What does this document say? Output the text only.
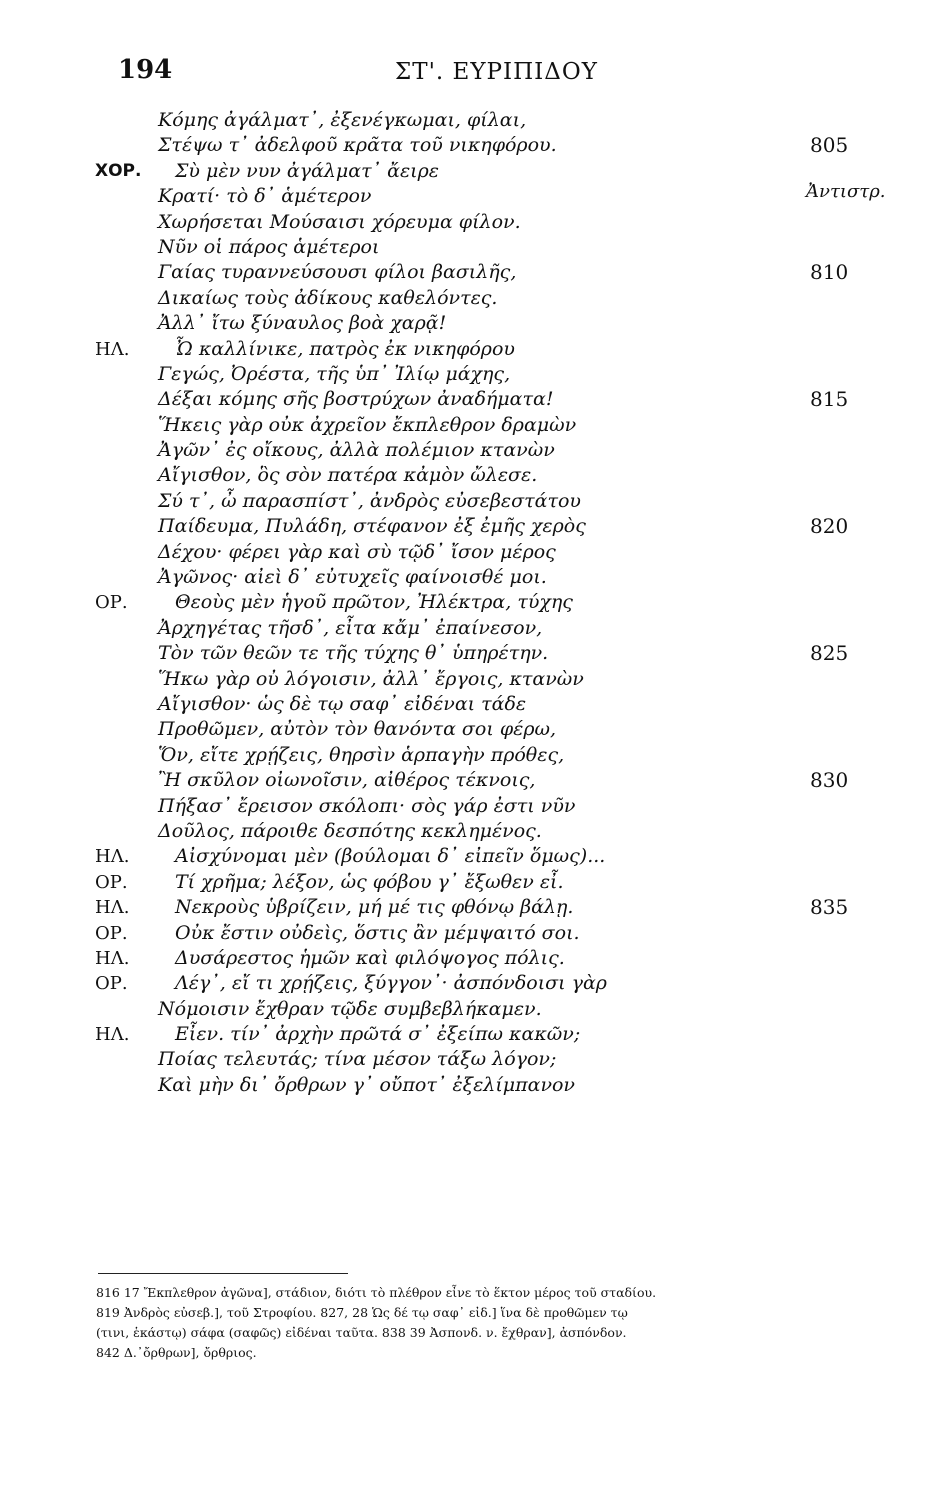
194	ΣΤ'. ΕΥΡΙΠΙΔΟΥ
Κόμης ἀγάλματ᾽, ἐξενέγκωμαι, φίλαι,
Στέψω τ᾽ ἀδελφοῦ κρᾶτα τοῦ νικηφόρου.	805
ΧΟΡ.	Σὺ μὲν νυν ἀγάλματ᾽ ἄειρε
Ἀντιστρ.
Κρατί· τὸ δ᾽ ἁμέτερον
Χωρήσεται Μούσαισι χόρευμα φίλον.
Νῦν οἱ πάρος ἁμέτεροι
Γαίας τυραννεύσουσι φίλοι βασιλῆς,	810
Δικαίως τοὺς ἀδίκους καθελόντες.
Ἀλλ᾽ ἴτω ξύναυλος βοὰ χαρᾷ!
ΗΛ.	Ὦ καλλίνικε, πατρὸς ἐκ νικηφόρου
Γεγώς, Ὀρέστα, τῆς ὑπ᾽ Ἰλίῳ μάχης,
Δέξαι κόμης σῆς βοστρύχων ἀναδήματα!	815
Ἥκεις γὰρ οὐκ ἀχρεῖον ἔκπλεθρον δραμὼν
Ἀγῶν᾽ ἐς οἴκους, ἀλλὰ πολέμιον κτανὼν
Αἴγισθον, ὃς σὸν πατέρα κἀμὸν ὤλεσε.
Σύ τ᾽, ὦ παρασπίστ᾽, ἀνδρὸς εὐσεβεστάτου
Παίδευμα, Πυλάδη, στέφανον ἐξ ἐμῆς χερὸς	820
Δέχου· φέρει γὰρ καὶ σὺ τῷδ᾽ ἴσον μέρος
Ἀγῶνος· αἰεὶ δ᾽ εὐτυχεῖς φαίνοισθέ μοι.
ΟΡ.	Θεοὺς μὲν ἡγοῦ πρῶτον, Ἠλέκτρα, τύχης
Ἀρχηγέτας τῆσδ᾽, εἶτα κἄμ᾽ ἐπαίνεσον,
Τὸν τῶν θεῶν τε τῆς τύχης θ᾽ ὑπηρέτην.	825
Ἥκω γὰρ οὐ λόγοισιν, ἀλλ᾽ ἔργοις, κτανὼν
Αἴγισθον· ὡς δὲ τῳ σαφ᾽ εἰδέναι τάδε
Προθῶμεν, αὐτὸν τὸν θανόντα σοι φέρω,
Ὅν, εἴτε χρῄζεις, θηρσὶν ἁρπαγὴν πρόθες,
Ἢ σκῦλον οἰωνοῖσιν, αἰθέρος τέκνοις,	830
Πήξασ᾽ ἔρεισον σκόλοπι· σὸς γάρ ἐστι νῦν
Δοῦλος, πάροιθε δεσπότης κεκλημένος.
ΗΛ.	Αἰσχύνομαι μὲν (βούλομαι δ᾽ εἰπεῖν ὅμως)...
ΟΡ.	Τί χρῆμα; λέξον, ὡς φόβου γ᾽ ἔξωθεν εἶ.
ΗΛ.	Νεκροὺς ὑβρίζειν, μή μέ τις φθόνῳ βάλῃ.	835
ΟΡ.	Οὐκ ἔστιν οὐδεὶς, ὅστις ἂν μέμψαιτό σοι.
ΗΛ.	Δυσάρεστος ἡμῶν καὶ φιλόψογος πόλις.
ΟΡ.	Λέγ᾽, εἴ τι χρῄζεις, ξύγγον᾽· ἀσπόνδοισι γὰρ
Νόμοισιν ἔχθραν τῷδε συμβεβλήκαμεν.
ΗΛ.	Εἶεν. τίν᾽ ἀρχὴν πρῶτά σ᾽ ἐξείπω κακῶν;
Ποίας τελευτάς; τίνα μέσον τάξω λόγον;
Καὶ μὴν δι᾽ ὄρθρων γ᾽ οὔποτ᾽ ἐξελίμπανον
816 17 Ἔκπλεθρον ἀγῶνα], στάδιον, διότι τὸ πλέθρον εἶνε τὸ ἕκτον μέρος τοῦ σταδίου.
819 Ἀνδρὸς εὐσεβ.], τοῦ Στροφίου. 827, 28 Ὡς δέ τῳ σαφ᾽ εἰδ.] ἵνα δὲ προθῶμεν τῳ
(τινι, ἑκάστῳ) σάφα (σαφῶς) εἰδέναι ταῦτα. 838 39 Ἀσπονδ. ν. ἔχθραν], ἀσπόνδον.
842 Δ.᾽ὄρθρων], ὄρθριος.
